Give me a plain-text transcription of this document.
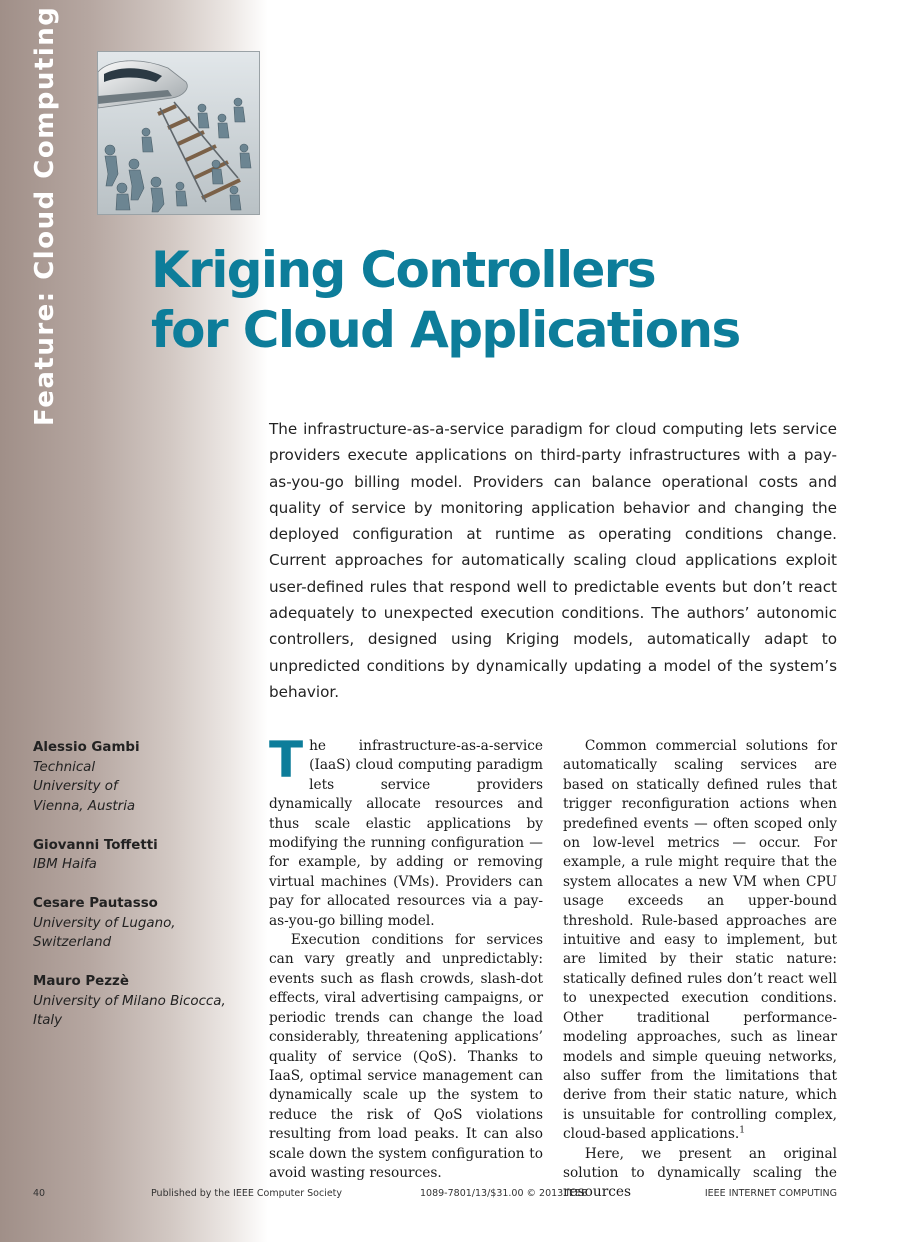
Feature: Cloud Computing Kriging Controllers
for Cloud Applications

The infrastructure-as-a-service paradigm for cloud computing lets service providers execute applications on third-party infrastructures with a pay-as-you-go billing model. Providers can balance operational costs and quality of service by monitoring application behavior and changing the deployed configuration at runtime as operating conditions change. Current approaches for automatically scaling cloud applications exploit user-defined rules that respond well to predictable events but don’t react adequately to unexpected execution conditions. The authors’ autonomic controllers, designed using Kriging models, automatically adapt to unpredicted conditions by dynamically updating a model of the system’s behavior.

Alessio Gambi
Technical University of Vienna, Austria
Giovanni Toffetti
IBM Haifa
Cesare Pautasso
University of Lugano, Switzerland
Mauro Pezzè
University of Milano Bicocca, Italy

The infrastructure-as-a-service (IaaS) cloud computing paradigm lets service providers dynamically allocate resources and thus scale elastic applications by modifying the running configuration — for example, by adding or removing virtual machines (VMs). Providers can pay for allocated resources via a pay-as-you-go billing model.

Execution conditions for services can vary greatly and unpredictably: events such as flash crowds, slash-dot effects, viral advertising campaigns, or periodic trends can change the load considerably, threatening applications’ quality of service (QoS). Thanks to IaaS, optimal service management can dynamically scale up the system to reduce the risk of QoS violations resulting from load peaks. It can also scale down the system configuration to avoid wasting resources.

Common commercial solutions for automatically scaling services are based on statically defined rules that trigger reconfiguration actions when predefined events — often scoped only on low-level metrics — occur. For example, a rule might require that the system allocates a new VM when CPU usage exceeds an upper-bound threshold. Rule-based approaches are intuitive and easy to implement, but are limited by their static nature: statically defined rules don’t react well to unexpected execution conditions. Other traditional performance-modeling approaches, such as linear models and simple queuing networks, also suffer from the limitations that derive from their static nature, which is unsuitable for controlling complex, cloud-based applications.$^1$

Here, we present an original solution to dynamically scaling the resources

40	Published by the IEEE Computer Society	1089-7801/13/$31.00 © 2013 IEEE	IEEE INTERNET COMPUTING
